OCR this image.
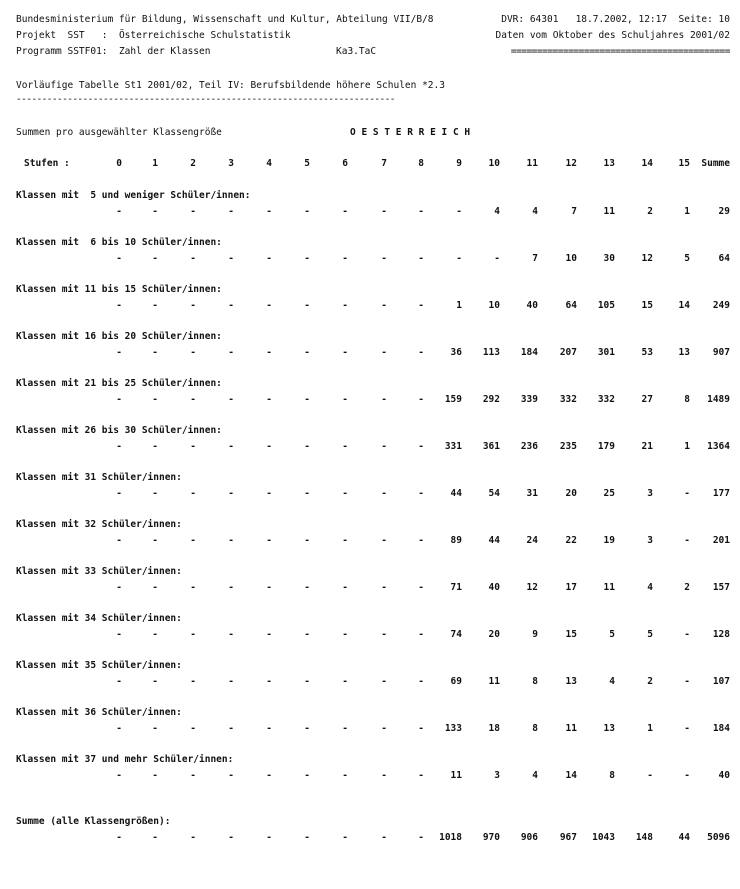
Bundesministerium für Bildung, Wissenschaft und Kultur, Abteilung VII/B/8	DVR: 64301   18.7.2002, 12:17  Seite: 10
Projekt  SST   :  Österreichische Schulstatistik	Daten vom Oktober des Schuljahres 2001/02
Programm SSTF01:  Zahl der Klassen	Ka3.TaC	==========================================
Vorläufige Tabelle St1 2001/02, Teil IV: Berufsbildende höhere Schulen *2.3
--------------------------------------------------------------------------
Summen pro ausgewählter Klassengröße	O E S T E R R E I C H
Stufen :	0	1	2	3	4	5	6	7	8	9	10	11	12	13	14	15	Summe
Klassen mit  5 und weniger Schüler/innen:
-	-	-	-	-	-	-	-	-	-	4	4	7	11	2	1	29
Klassen mit  6 bis 10 Schüler/innen:
-	-	-	-	-	-	-	-	-	-	-	7	10	30	12	5	64
Klassen mit 11 bis 15 Schüler/innen:
-	-	-	-	-	-	-	-	-	1	10	40	64	105	15	14	249
Klassen mit 16 bis 20 Schüler/innen:
-	-	-	-	-	-	-	-	-	36	113	184	207	301	53	13	907
Klassen mit 21 bis 25 Schüler/innen:
-	-	-	-	-	-	-	-	-	159	292	339	332	332	27	8	1489
Klassen mit 26 bis 30 Schüler/innen:
-	-	-	-	-	-	-	-	-	331	361	236	235	179	21	1	1364
Klassen mit 31 Schüler/innen:
-	-	-	-	-	-	-	-	-	44	54	31	20	25	3	-	177
Klassen mit 32 Schüler/innen:
-	-	-	-	-	-	-	-	-	89	44	24	22	19	3	-	201
Klassen mit 33 Schüler/innen:
-	-	-	-	-	-	-	-	-	71	40	12	17	11	4	2	157
Klassen mit 34 Schüler/innen:
-	-	-	-	-	-	-	-	-	74	20	9	15	5	5	-	128
Klassen mit 35 Schüler/innen:
-	-	-	-	-	-	-	-	-	69	11	8	13	4	2	-	107
Klassen mit 36 Schüler/innen:
-	-	-	-	-	-	-	-	-	133	18	8	11	13	1	-	184
Klassen mit 37 und mehr Schüler/innen:
-	-	-	-	-	-	-	-	-	11	3	4	14	8	-	-	40
Summe (alle Klassengrößen):
-	-	-	-	-	-	-	-	-	1018	970	906	967	1043	148	44	5096
